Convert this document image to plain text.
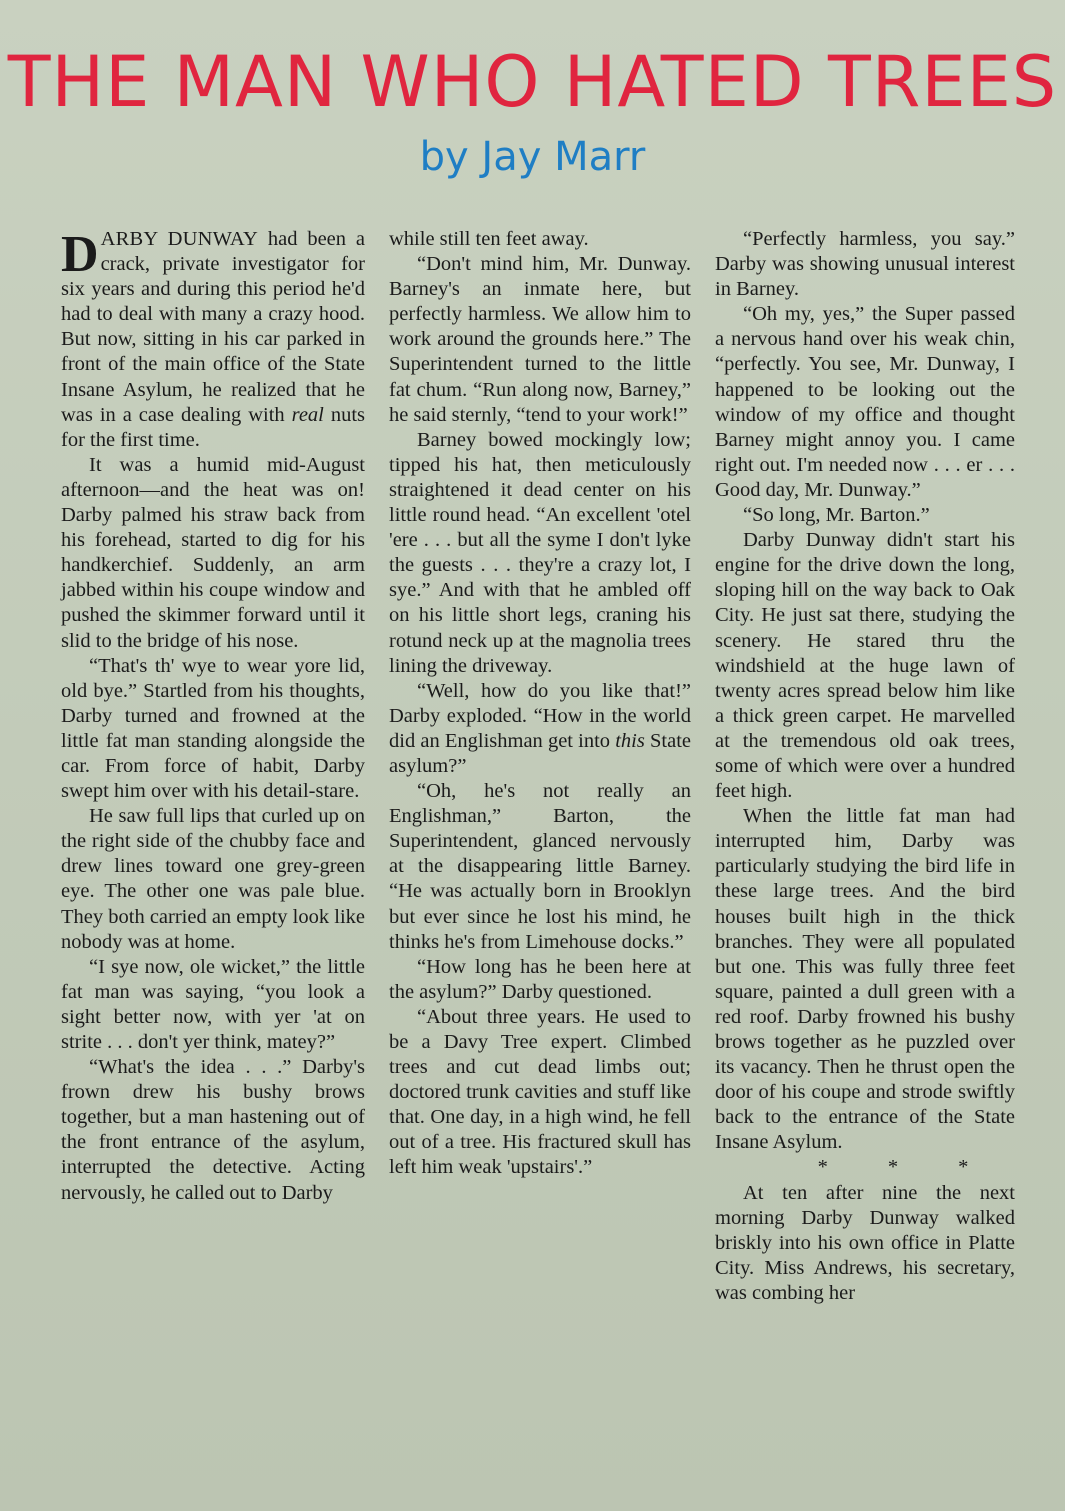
THE MAN WHO HATED TREES
by Jay Marr

DARBY DUNWAY had been a crack, private investigator for six years and during this period he'd had to deal with many a crazy hood. But now, sitting in his car parked in front of the main office of the State Insane Asylum, he realized that he was in a case dealing with real nuts for the first time.

It was a humid mid-August afternoon—and the heat was on! Darby palmed his straw back from his forehead, started to dig for his handkerchief. Suddenly, an arm jabbed within his coupe window and pushed the skimmer forward until it slid to the bridge of his nose.

“That's th' wye to wear yore lid, old bye.” Startled from his thoughts, Darby turned and frowned at the little fat man standing alongside the car. From force of habit, Darby swept him over with his detail-stare.

He saw full lips that curled up on the right side of the chubby face and drew lines toward one grey-green eye. The other one was pale blue. They both carried an empty look like nobody was at home.

“I sye now, ole wicket,” the little fat man was saying, “you look a sight better now, with yer 'at on strite . . . don't yer think, matey?”

“What's the idea . . .” Darby's frown drew his bushy brows together, but a man hastening out of the front entrance of the asylum, interrupted the detective. Acting nervously, he called out to Darby

while still ten feet away.

“Don't mind him, Mr. Dunway. Barney's an inmate here, but perfectly harmless. We allow him to work around the grounds here.” The Superintendent turned to the little fat chum. “Run along now, Barney,” he said sternly, “tend to your work!”

Barney bowed mockingly low; tipped his hat, then meticulously straightened it dead center on his little round head. “An excellent 'otel 'ere . . . but all the syme I don't lyke the guests . . . they're a crazy lot, I sye.” And with that he ambled off on his little short legs, craning his rotund neck up at the magnolia trees lining the driveway.

“Well, how do you like that!” Darby exploded. “How in the world did an Englishman get into this State asylum?”

“Oh, he's not really an Englishman,” Barton, the Superintendent, glanced nervously at the disappearing little Barney. “He was actually born in Brooklyn but ever since he lost his mind, he thinks he's from Limehouse docks.”

“How long has he been here at the asylum?” Darby questioned.

“About three years. He used to be a Davy Tree expert. Climbed trees and cut dead limbs out; doctored trunk cavities and stuff like that. One day, in a high wind, he fell out of a tree. His fractured skull has left him weak 'upstairs'.”

“Perfectly harmless, you say.” Darby was showing unusual interest in Barney.

“Oh my, yes,” the Super passed a nervous hand over his weak chin, “perfectly. You see, Mr. Dunway, I happened to be looking out the window of my office and thought Barney might annoy you. I came right out. I'm needed now . . . er . . . Good day, Mr. Dunway.”

“So long, Mr. Barton.”

Darby Dunway didn't start his engine for the drive down the long, sloping hill on the way back to Oak City. He just sat there, studying the scenery. He stared thru the windshield at the huge lawn of twenty acres spread below him like a thick green carpet. He marvelled at the tremendous old oak trees, some of which were over a hundred feet high.

When the little fat man had interrupted him, Darby was particularly studying the bird life in these large trees. And the bird houses built high in the thick branches. They were all populated but one. This was fully three feet square, painted a dull green with a red roof. Darby frowned his bushy brows together as he puzzled over its vacancy. Then he thrust open the door of his coupe and strode swiftly back to the entrance of the State Insane Asylum.

*	*	*

At ten after nine the next morning Darby Dunway walked briskly into his own office in Platte City. Miss Andrews, his secretary, was combing her
